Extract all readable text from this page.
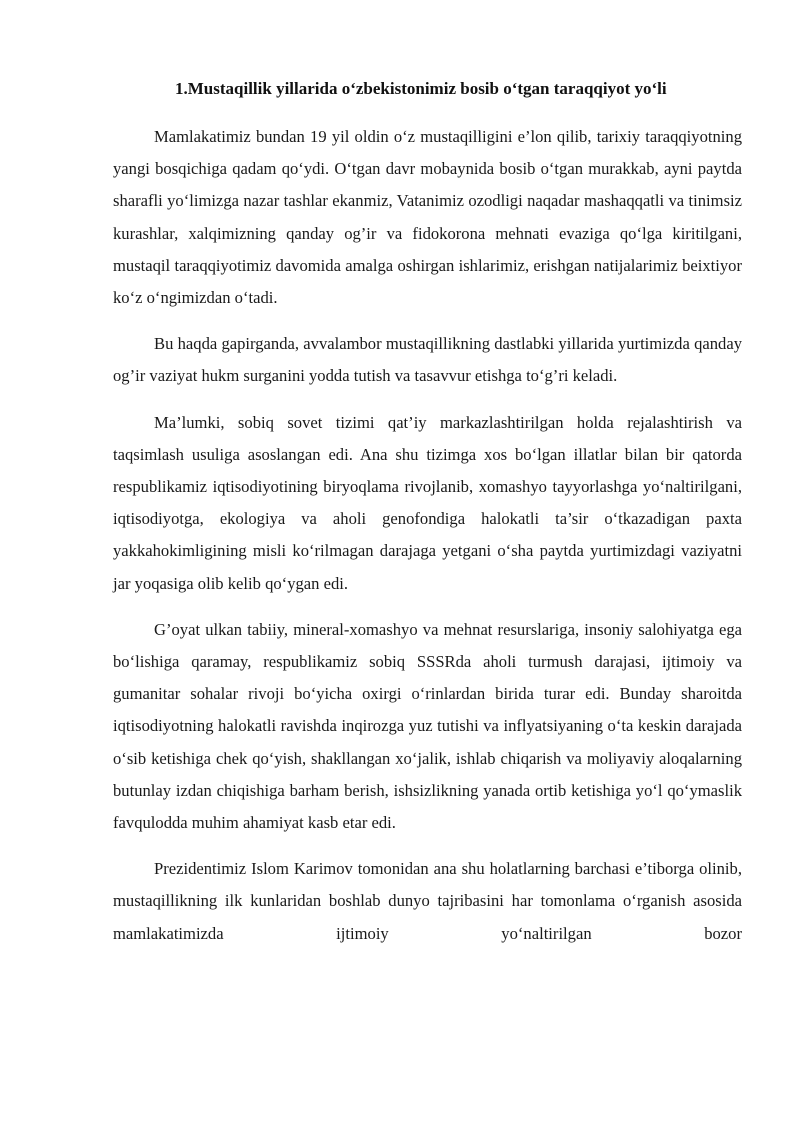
1.Mustaqillik yillarida o‘zbekistonimiz bosib o‘tgan taraqqiyot yo‘li

Mamlakatimiz bundan 19 yil oldin o‘z mustaqilligini e’lon qilib, tarixiy taraqqiyotning yangi bosqichiga qadam qo‘ydi. O‘tgan davr mobaynida bosib o‘tgan murakkab, ayni paytda sharafli yo‘limizga nazar tashlar ekanmiz, Vatanimiz ozodligi naqadar mashaqqatli va tinimsiz kurashlar, xalqimizning qanday og’ir va fidokorona mehnati evaziga qo‘lga kiritilgani, mustaqil taraqqiyotimiz davomida amalga oshirgan ishlarimiz, erishgan natijalarimiz beixtiyor ko‘z o‘ngimizdan o‘tadi.

Bu haqda gapirganda, avvalambor mustaqillikning dastlabki yillarida yurtimizda qanday og’ir vaziyat hukm surganini yodda tutish va tasavvur etishga to‘g’ri keladi.

Ma’lumki, sobiq sovet tizimi qat’iy markazlashtirilgan holda rejalashtirish va taqsimlash usuliga asoslangan edi. Ana shu tizimga xos bo‘lgan illatlar bilan bir qatorda respublikamiz iqtisodiyotining biryoqlama rivojlanib, xomashyo tayyorlashga yo‘naltirilgani, iqtisodiyotga, ekologiya va aholi genofondiga halokatli ta’sir o‘tkazadigan paxta yakkahokimligining misli ko‘rilmagan darajaga yetgani o‘sha paytda yurtimizdagi vaziyatni jar yoqasiga olib kelib qo‘ygan edi.

G’oyat ulkan tabiiy, mineral-xomashyo va mehnat resurslariga, insoniy salohiyatga ega bo‘lishiga qaramay, respublikamiz sobiq SSSRda aholi turmush darajasi, ijtimoiy va gumanitar sohalar rivoji bo‘yicha oxirgi o‘rinlardan birida turar edi. Bunday sharoitda iqtisodiyotning halokatli ravishda inqirozga yuz tutishi va inflyatsiyaning o‘ta keskin darajada o‘sib ketishiga chek qo‘yish, shakllangan xo‘jalik, ishlab chiqarish va moliyaviy aloqalarning butunlay izdan chiqishiga barham berish, ishsizlikning yanada ortib ketishiga yo‘l qo‘ymaslik favqulodda muhim ahamiyat kasb etar edi.

Prezidentimiz Islom Karimov tomonidan ana shu holatlarning barchasi e’tiborga olinib, mustaqillikning ilk kunlaridan boshlab dunyo tajribasini har tomonlama o‘rganish asosida mamlakatimizda ijtimoiy yo‘naltirilgan bozor
